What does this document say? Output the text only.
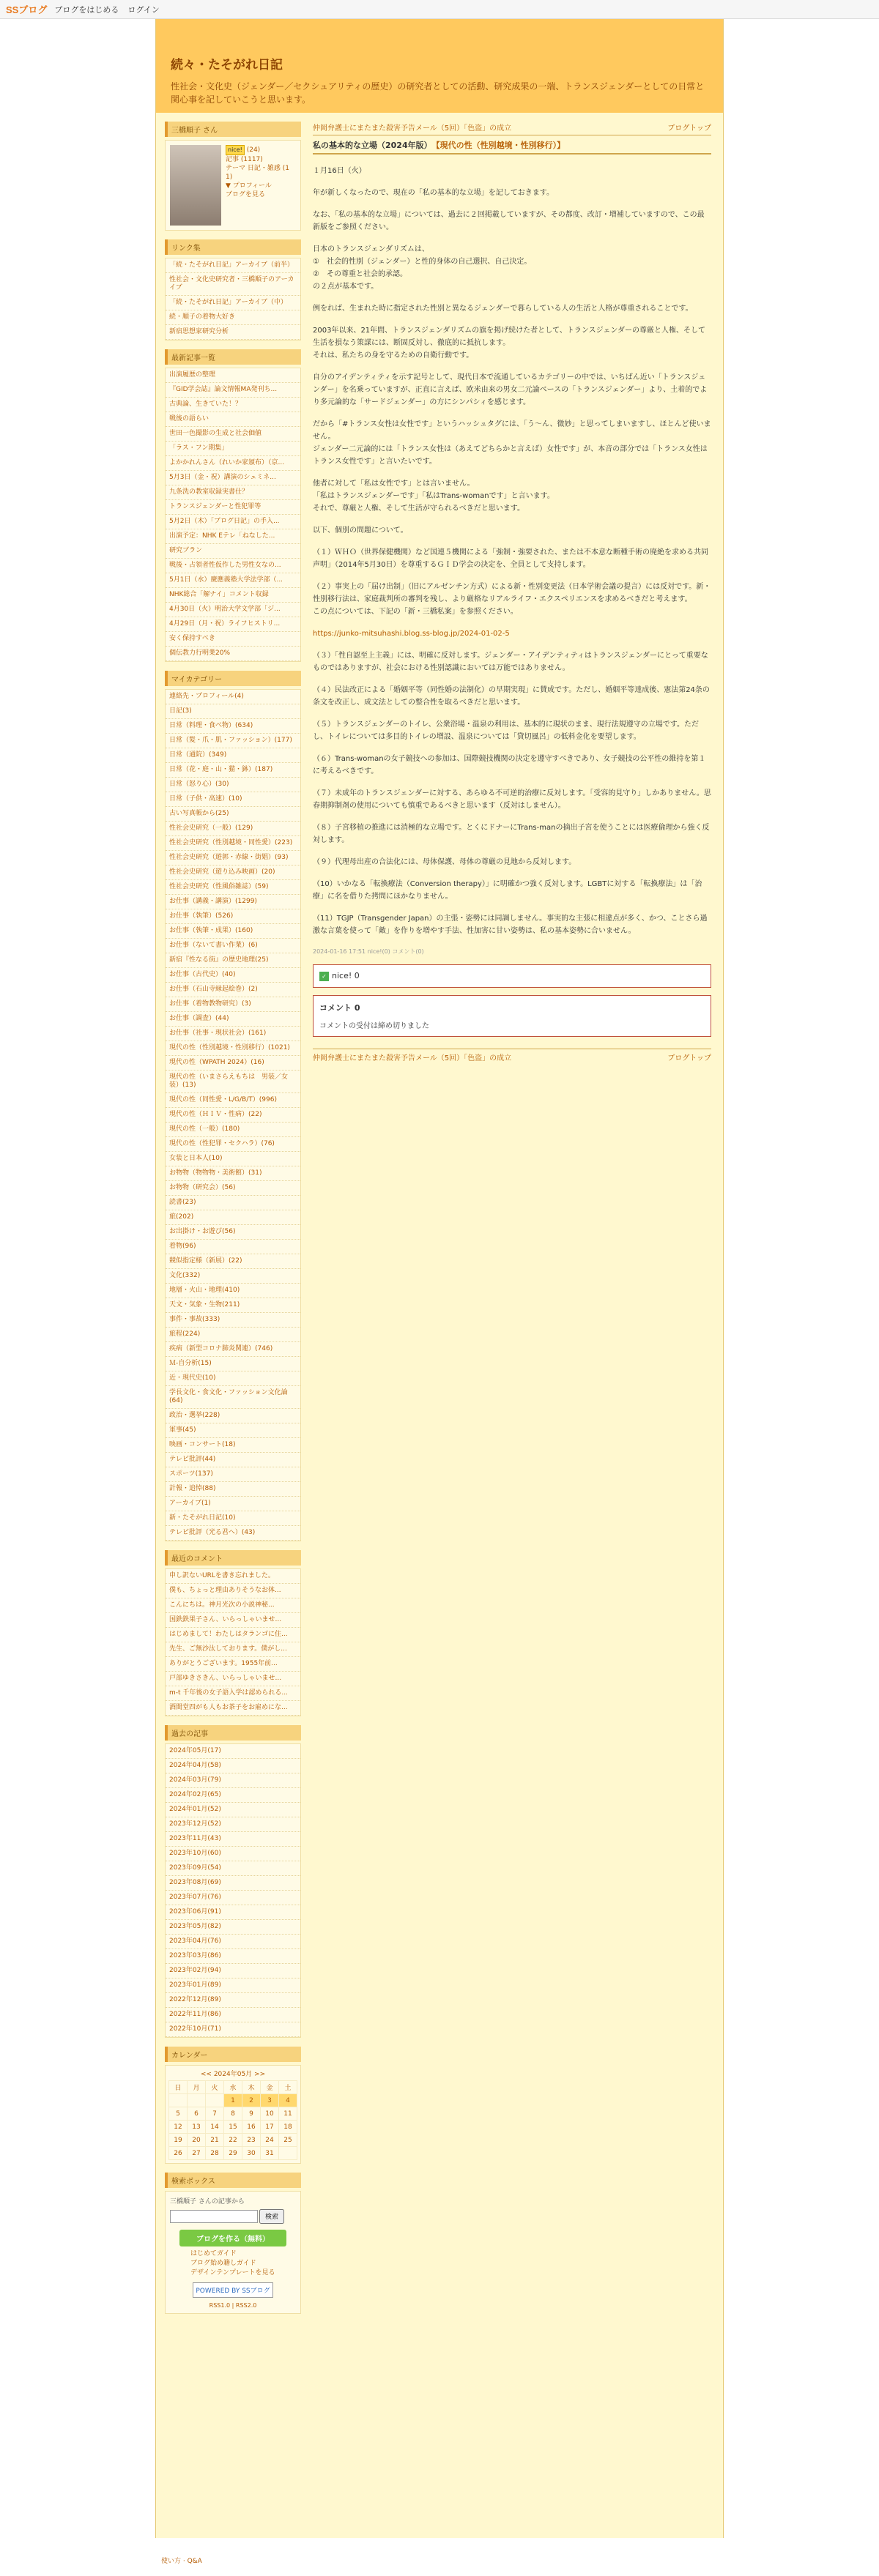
SSブログ ブログをはじめる ログイン
続々・たそがれ日記

性社会・文化史（ジェンダー／セクシュアリティの歴史）の研究者としての活動、研究成果の一端、トランスジェンダーとしての日常と関心事を記していこうと思います。

三橋順子 さん
nice! (24)
記事 (1117)
テーマ 日記・雑感 (1
1)
▼ プロフィール
ブログを見る
リンク集
「続・たそがれ日記」アーカイブ（前半）
性社会・文化史研究者・三橋順子のアーカイブ
「続・たそがれ日記」アーカイブ（中）
続・順子の着物大好き
新宿思想家研究分析
最新記事一覧
出演履歴の整理
『GID学会誌』論文情報MA発刊ち...
古典論、生きていた！？
戦後の語らい
世田一色撮影の生成と社会価値
「ラス・フン期集」
よかかれんさん（れいか家頒布）（京...
5月3日（金・祝）講演のシュミネ...
九条洗の教室収録実書仕？
トランスジェンダーと性犯罪等
5月2日（木）「ブログ日記」の手入...
出演予定：NHK Eテレ「ねなした...
研究ブラン
戦後・占領者性仮作した男性女なの...
5月1日（水）慶應義塾大学法学部（...
NHK総合「解ナイ」コメント収録
4月30日（火）明治大学文学部「ジ...
4月29日（月・祝）ライフヒストリ...
安く保持すべき
個伝教力行明業20%
マイカテゴリー
連絡先・プロフィール(4)
日記(3)
日常（料理・食べ物）(634)
日常（髪・爪・肌・ファッション）(177)
日常（通院）(349)
日常（花・庭・山・猫・鉢）(187)
日常（怒り心）(30)
日常（子供・高速）(10)
古い写真帳から(25)
性社会史研究（一般）(129)
性社会史研究（性別越境・同性愛）(223)
性社会史研究（遊郭・赤線・街娼）(93)
性社会史研究（遊り込み映画）(20)
性社会史研究（性風俗雑誌）(59)
お仕事（講義・講演）(1299)
お仕事（執筆）(526)
お仕事（執筆・成果）(160)
お仕事（ないて書い作業）(6)
新宿『性なる街』の歴史地理(25)
お仕事（古代史）(40)
お仕事（石山寺縁起絵巻）(2)
お仕事（着物教物研究）(3)
お仕事（調査）(44)
お仕事（社事・現状社会）(161)
現代の性（性別越境・性別移行）(1021)
現代の性（WPATH 2024）(16)
現代の性（いまさらえもちは　男装／女装）(13)
現代の性（同性愛・L/G/B/T）(996)
現代の性（ＨＩＶ・性病）(22)
現代の性（一般）(180)
現代の性（性犯罪・セクハラ）(76)
女装と日本人(10)
お物物（物物物・美術館）(31)
お物物（研究会）(56)
読書(23)
旅(202)
お出掛け・お遊び(56)
着物(96)
競似指定様（新展）(22)
文化(332)
地層・火山・地理(410)
天文・気象・生物(211)
事件・事故(333)
旅程(224)
疾病（新型コロナ肺炎関連）(746)
Ｍ-自分析(15)
近・現代史(10)
学長文化・食文化・ファッション文化論(64)
政治・選挙(228)
軍事(45)
映画・コンサート(18)
テレビ批評(44)
スポーツ(137)
計報・追悼(88)
アーカイブ(1)
新・たそがれ日記(10)
テレビ批評（光る君へ）(43)
最近のコメント
申し訳ないURLを書き忘れました。
僕も、ちょっと理由ありそうなお体...
こんにちは。神月光次の小説神秘...
国鉄鉄果子さん、いらっしゃいませ...
はじめまして！わたしはタランゴに住...
先生、ご無沙汰しております。僕がし...
ありがとうございます。1955年前...
戸部ゆきさきん、いらっしゃいませ...
m-t 千年後の女子語入学は認められる...
酒間堂四がも人もお茶子をお雇めにな...
過去の記事
2024年05月(17)
2024年04月(58)
2024年03月(79)
2024年02月(65)
2024年01月(52)
2023年12月(52)
2023年11月(43)
2023年10月(60)
2023年09月(54)
2023年08月(69)
2023年07月(76)
2023年06月(91)
2023年05月(82)
2023年04月(76)
2023年03月(86)
2023年02月(94)
2023年01月(89)
2022年12月(89)
2022年11月(86)
2022年10月(71)
カレンダー
<< 2024年05月 >>
日	月	火	水	木	金	土
			1	2	3	4
5	6	7	8	9	10	11
12	13	14	15	16	17	18
19	20	21	22	23	24	25
26	27	28	29	30	31	
検索ボックス
三橋順子 さんの記事から
検索
ブログを作る（無料）
はじめてガイド
ブログ始め籍しガイド
デザインテンプレートを見る
POWERED BY SSブログ
RSS1.0 | RSS2.0
仲岡弁護士にまたまた殺害予告メール（5回）「色盗」の成立	ブログトップ
私の基本的な立場（2024年版）　 【現代の性（性別越境・性別移行）】

１月16日（火）

年が新しくなったので、現在の「私の基本的な立場」を記しておきます。

なお、「私の基本的な立場」については、過去に２回掲載していますが、その都度、改訂・増補していますので、この最新版をご参照ください。

日本のトランスジェンダリズムは、
①　社会的性別（ジェンダー）と性的身体の自己選択、自己決定。
②　その尊重と社会的承認。
の２点が基本です。

例をれば、生まれた時に指定された性別と異なるジェンダーで暮らしている人の生活と人格が尊重されることです。

2003年以来、21年間、トランスジェンダリズムの旗を掲げ続けた者として、トランスジェンダーの尊厳と人権、そして生活を損なう策謀には、断固反対し、徹底的に抵抗します。
それは、私たちの身を守るための自衛行動です。

自分のアイデンティティを示す記号として、現代日本で流通しているカテゴリーの中では、いちばん近い「トランスジェンダー」を名乗っていますが、正直に言えば、欧米由来の男女二元論ベースの「トランスジェンダー」より、土着的でより多元論的な「サードジェンダー」の方にシンパシィを感じます。

だから「#トランス女性は女性です」というハッシュタグには、「う〜ん、微妙」と思ってしまいますし、ほとんど使いません。
ジェンダー二元論的には「トランス女性は（あえてどちらかと言えば）女性です」が、本音の部分では「トランス女性はトランス女性です」と言いたいです。

他者に対して「私は女性です」とは言いません。
「私はトランスジェンダーです」「私はTrans-womanです」と言います。
それで、尊厳と人権、そして生活が守られるべきだと思います。

以下、個別の問題について。

（１）ＷＨＯ（世界保健機関）など国連５機関による「強制・強要された、または不本意な断種手術の廃絶を求める共同声明」（2014年5月30日）を尊重するＧＩＤ学会の決定を、全員として支持します。

（２）事実上の「届け出制」（旧にアルゼンチン方式）による新・性別変更法（日本学術会議の提言）には反対です。新・性別移行法は、家庭裁判所の審判を残し、より厳格なリアルライフ・エクスペリエンスを求めるべきだと考えます。
この点については、下記の「新・三橋私案」を参照ください。

https://junko-mitsuhashi.blog.ss-blog.jp/2024-01-02-5

（３）「性自認至上主義」には、明確に反対します。ジェンダー・アイデンティティはトランスジェンダーにとって重要なものではありますが、社会における性別認識においては万能ではありません。

（４）民法改正による「婚姻平等（同性婚の法制化）の早期実現」に賛成です。ただし、婚姻平等達成後、憲法第24条の条文を改正し、成文法としての整合性を取るべきだと思います。

（５）トランスジェンダーのトイレ、公衆浴場・温泉の利用は、基本的に現状のまま、現行法規遵守の立場です。ただし、トイレについては多目的トイレの増設、温泉については「貸切風呂」の低料金化を要望します。

（６）Trans-womanの女子競技への参加は、国際競技機関の決定を遵守すべきであり、女子競技の公平性の維持を第１に考えるべきです。

（７）未成年のトランスジェンダーに対する、あらゆる不可逆的治療に反対します。「受容的見守り」しかありません。思春期抑制剤の使用についても慎重であるべきと思います（反対はしません）。

（８）子宮移植の推進には消極的な立場です。とくにドナーにTrans-manの摘出子宮を使うことには医療倫理から強く反対します。

（９）代理母出産の合法化には、母体保護、母体の尊厳の見地から反対します。

（10）いかなる「転換療法（Conversion therapy）」に明確かつ強く反対します。LGBTに対する「転換療法」は「治療」に名を借りた拷問にほかなりません。

（11）TGJP（Transgender Japan）の主張・姿勢には同調しません。事実的な主張に相違点が多く、かつ、ことさら過激な言葉を使って「敵」を作りを増やす手法、性加害に甘い姿勢は、私の基本姿勢に合いません。

2024-01-16 17:51 nice!(0) コメント(0)
✓ nice! 0
コメント 0
コメントの受付は締め切りました
仲岡弁護士にまたまた殺害予告メール（5回）「色盗」の成立	ブログトップ
使い方 · Q&A
